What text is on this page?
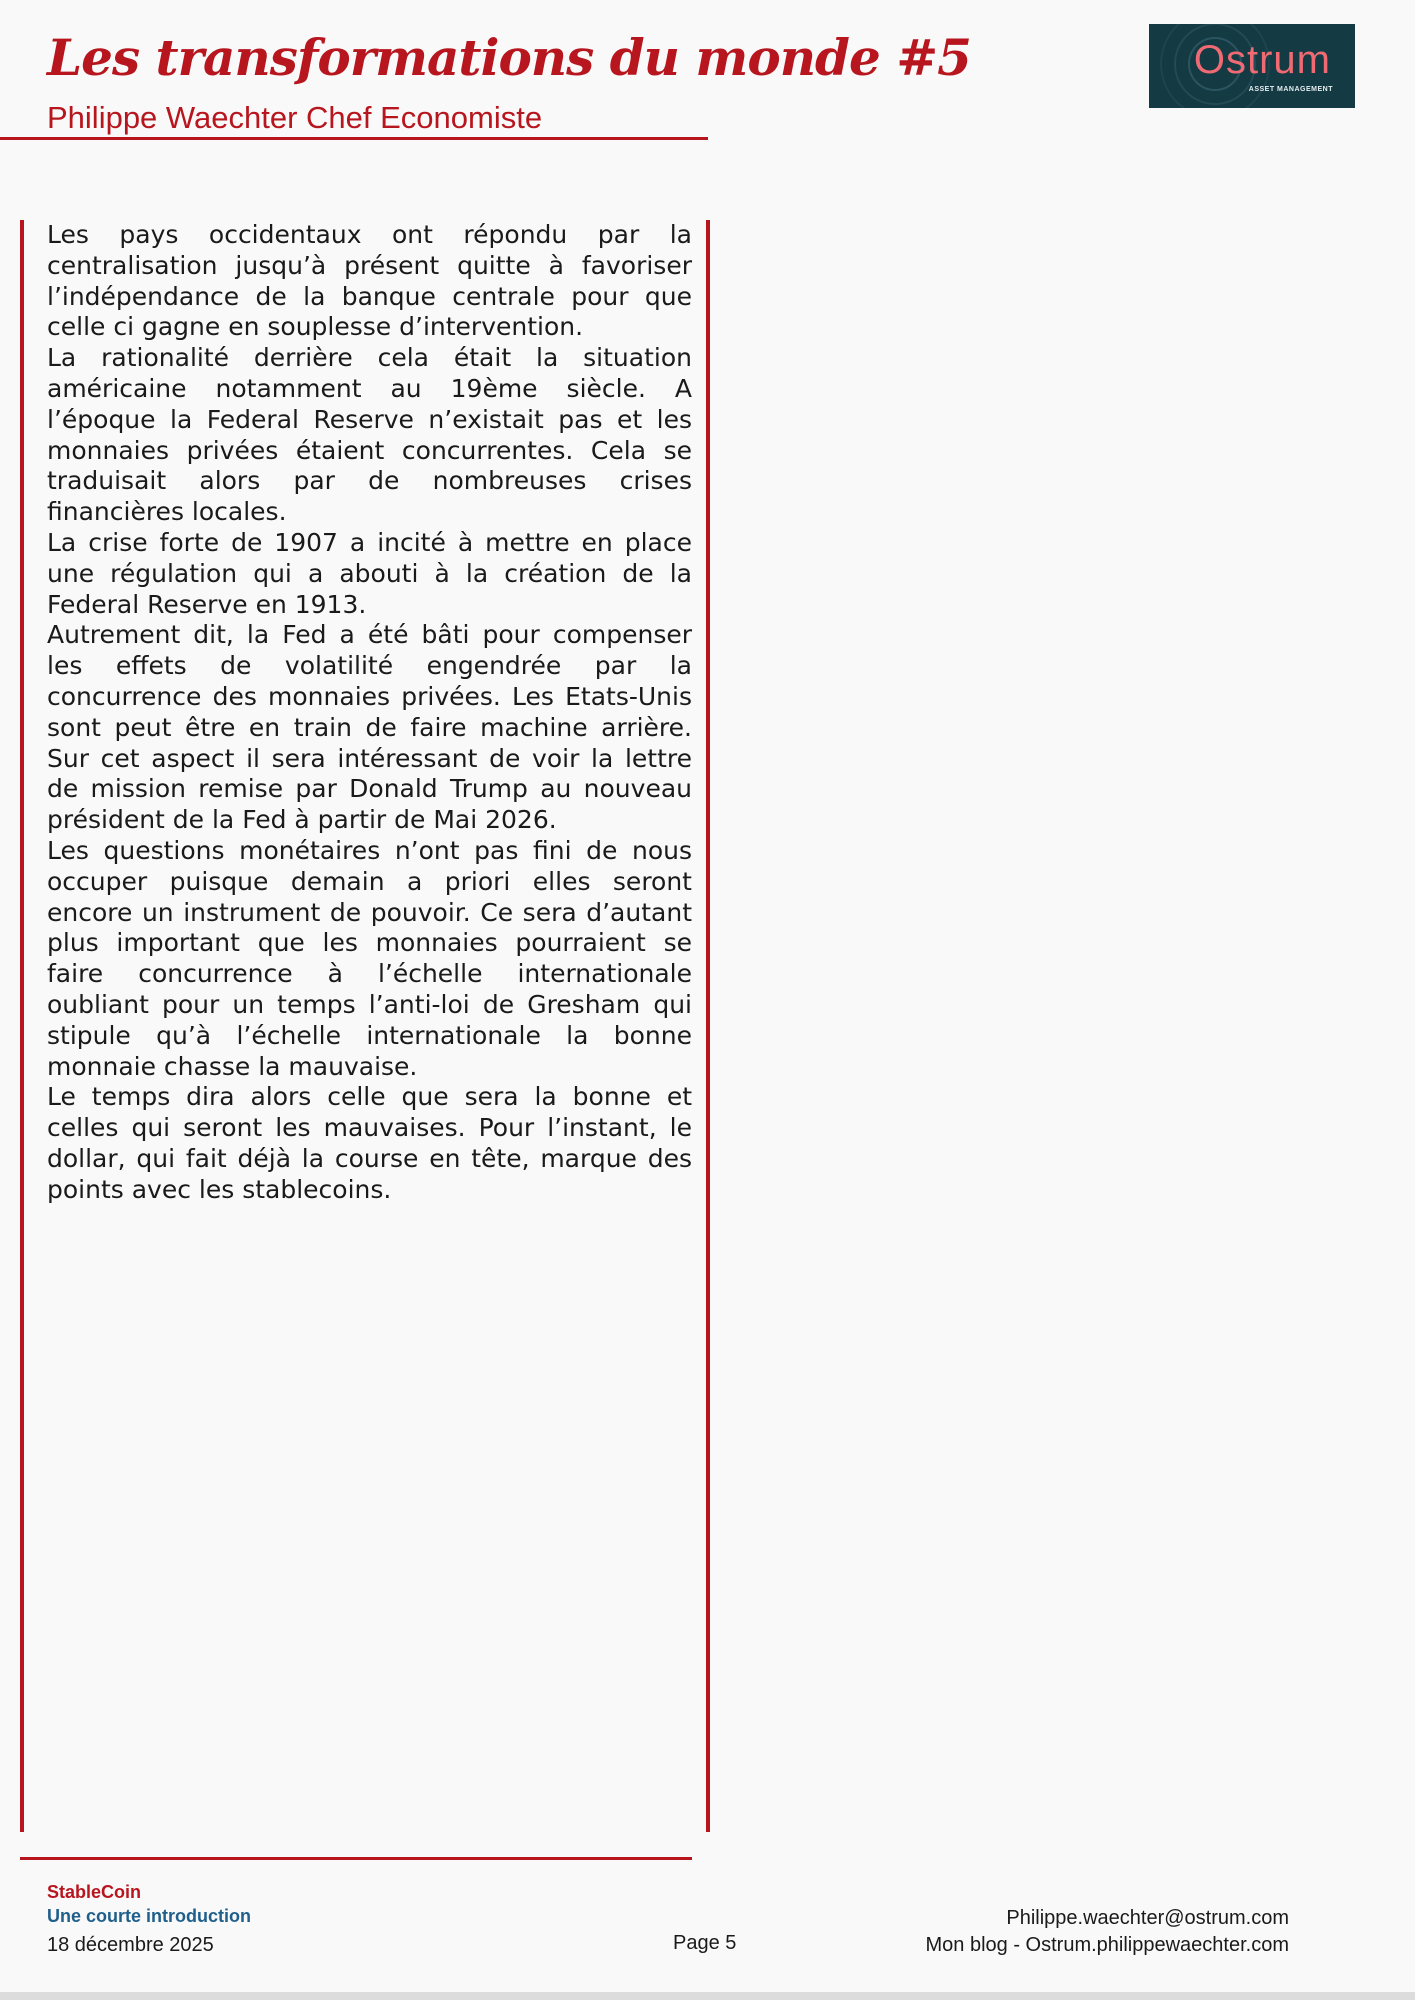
Les transformations du monde #5
Philippe Waechter Chef Economiste
Ostrum
ASSET MANAGEMENT

Les pays occidentaux ont répondu par la centralisation jusqu’à présent quitte à favoriser l’indépendance de la banque centrale pour que celle ci gagne en souplesse d’intervention.

La rationalité derrière cela était la situation américaine notamment au 19ème siècle. A l’époque la Federal Reserve n’existait pas et les monnaies privées étaient concurrentes. Cela se traduisait alors par de nombreuses crises financières locales.

La crise forte de 1907 a incité à mettre en place une régulation qui a abouti à la création de la Federal Reserve en 1913.

Autrement dit, la Fed a été bâti pour compenser les effets de volatilité engendrée par la concurrence des monnaies privées. Les Etats-Unis sont peut être en train de faire machine arrière. Sur cet aspect il sera intéressant de voir la lettre de mission remise par Donald Trump au nouveau président de la Fed à partir de Mai 2026.

Les questions monétaires n’ont pas fini de nous occuper puisque demain a priori elles seront encore un instrument de pouvoir. Ce sera d’autant plus important que les monnaies pourraient se faire concurrence à l’échelle internationale oubliant pour un temps l’anti-loi de Gresham qui stipule qu’à l’échelle internationale la bonne monnaie chasse la mauvaise.

Le temps dira alors celle que sera la bonne et celles qui seront les mauvaises. Pour l’instant, le dollar, qui fait déjà la course en tête, marque des points avec les stablecoins.

StableCoin
Une courte introduction
18 décembre 2025	Page 5
Philippe.waechter@ostrum.com
Mon blog - Ostrum.philippewaechter.com
